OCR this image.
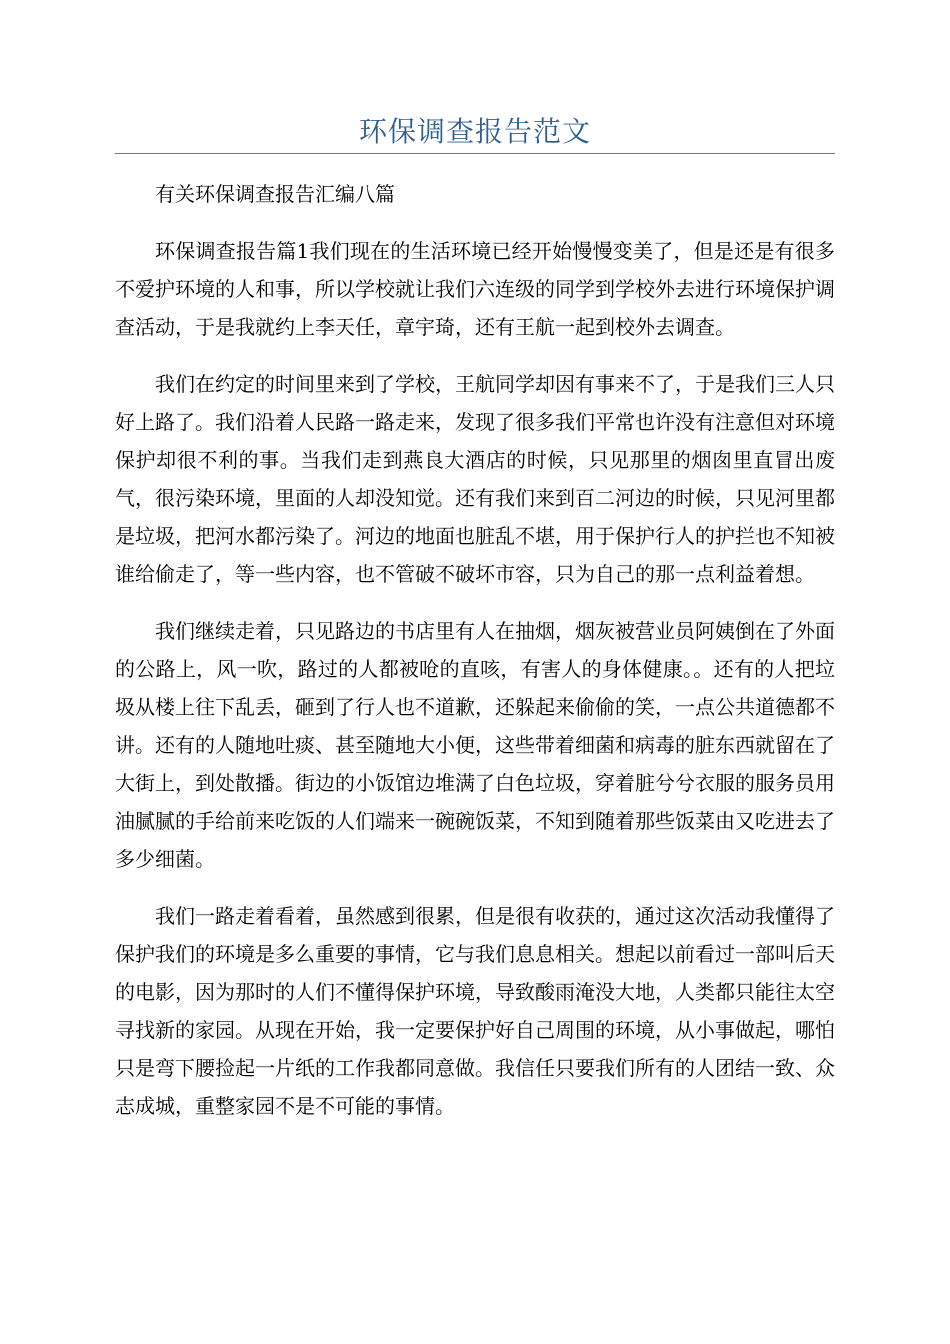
环保调查报告范文

有关环保调查报告汇编八篇

环保调查报告篇1我们现在的生活环境已经开始慢慢变美了，但是还是有很多不爱护环境的人和事，所以学校就让我们六连级的同学到学校外去进行环境保护调查活动，于是我就约上李天任，章宇琦，还有王航一起到校外去调查。

我们在约定的时间里来到了学校，王航同学却因有事来不了，于是我们三人只好上路了。我们沿着人民路一路走来，发现了很多我们平常也许没有注意但对环境保护却很不利的事。当我们走到燕良大酒店的时候，只见那里的烟囱里直冒出废气，很污染环境，里面的人却没知觉。还有我们来到百二河边的时候，只见河里都是垃圾，把河水都污染了。河边的地面也脏乱不堪，用于保护行人的护拦也不知被谁给偷走了，等一些内容，也不管破不破坏市容，只为自己的那一点利益着想。

我们继续走着，只见路边的书店里有人在抽烟，烟灰被营业员阿姨倒在了外面的公路上，风一吹，路过的人都被呛的直咳，有害人的身体健康。。还有的人把垃圾从楼上往下乱丢，砸到了行人也不道歉，还躲起来偷偷的笑，一点公共道德都不讲。还有的人随地吐痰、甚至随地大小便，这些带着细菌和病毒的脏东西就留在了大街上，到处散播。街边的小饭馆边堆满了白色垃圾，穿着脏兮兮衣服的服务员用油腻腻的手给前来吃饭的人们端来一碗碗饭菜，不知到随着那些饭菜由又吃进去了多少细菌。

我们一路走着看着，虽然感到很累，但是很有收获的，通过这次活动我懂得了保护我们的环境是多么重要的事情，它与我们息息相关。想起以前看过一部叫后天的电影，因为那时的人们不懂得保护环境，导致酸雨淹没大地，人类都只能往太空寻找新的家园。从现在开始，我一定要保护好自己周围的环境，从小事做起，哪怕只是弯下腰捡起一片纸的工作我都同意做。我信任只要我们所有的人团结一致、众志成城，重整家园不是不可能的事情。
